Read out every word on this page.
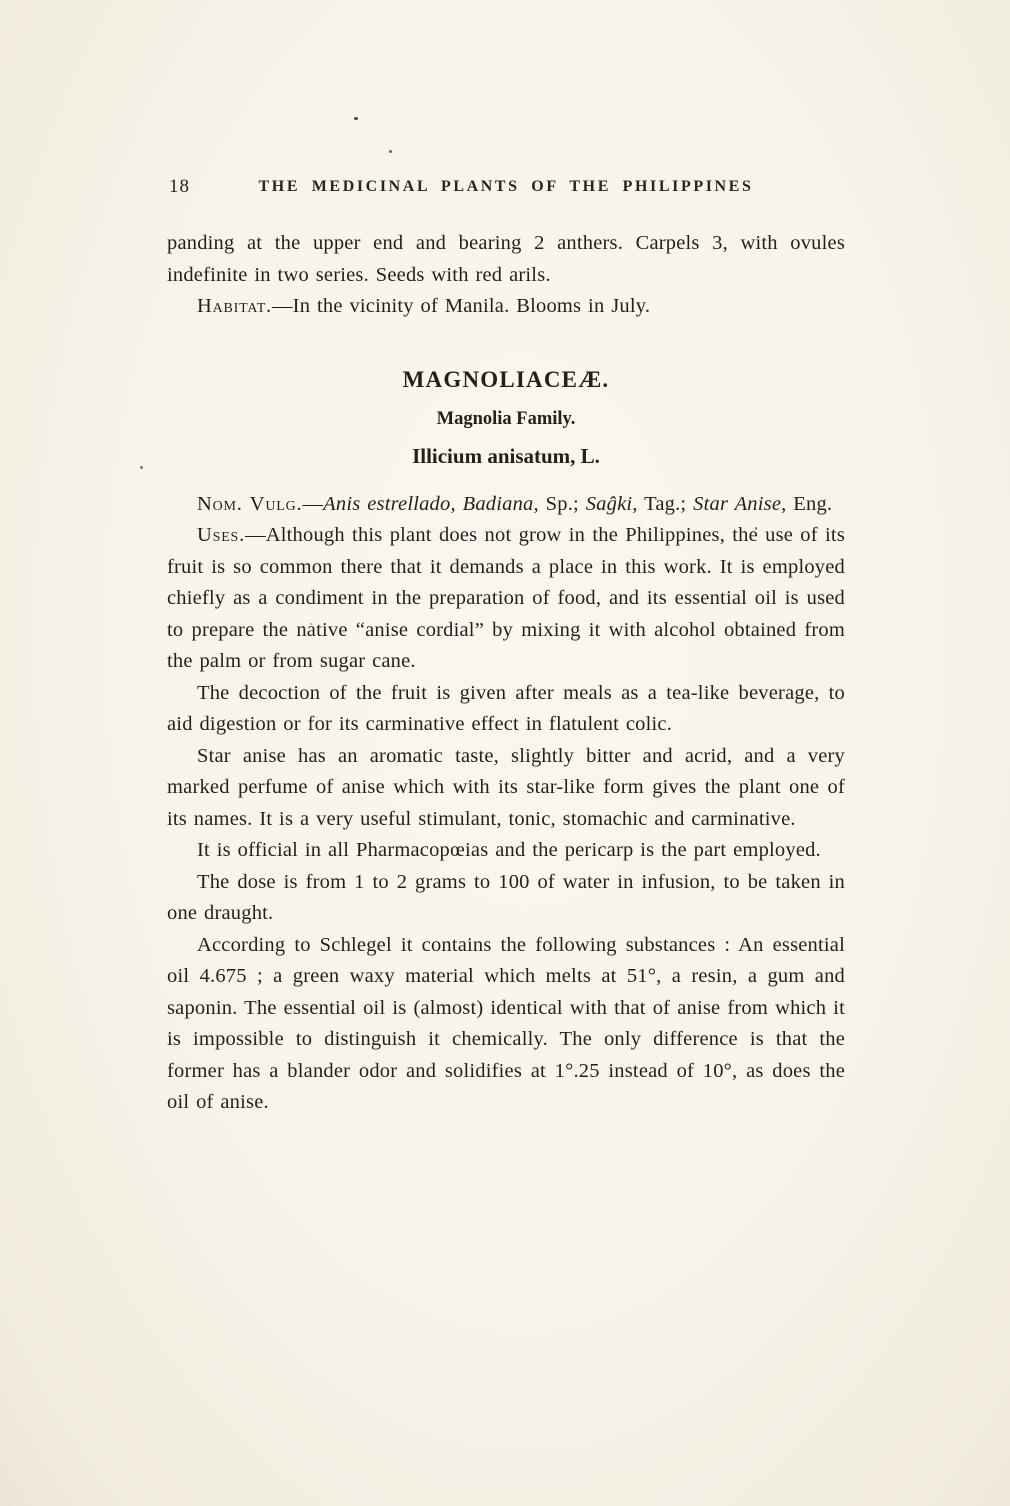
18	THE MEDICINAL PLANTS OF THE PHILIPPINES

panding at the upper end and bearing 2 anthers. Carpels 3, with ovules indefinite in two series. Seeds with red arils.

Habitat.—In the vicinity of Manila. Blooms in July.

MAGNOLIACEÆ.
Magnolia Family.
Illicium anisatum, L.

Nom. Vulg.—Anis estrellado, Badiana, Sp.; Saĝki, Tag.; Star Anise, Eng.

Uses.—Although this plant does not grow in the Philippines, the use of its fruit is so common there that it demands a place in this work. It is employed chiefly as a condiment in the preparation of food, and its essential oil is used to prepare the native “anise cordial” by mixing it with alcohol obtained from the palm or from sugar cane.

The decoction of the fruit is given after meals as a tea-like beverage, to aid digestion or for its carminative effect in flatulent colic.

Star anise has an aromatic taste, slightly bitter and acrid, and a very marked perfume of anise which with its star-like form gives the plant one of its names. It is a very useful stimulant, tonic, stomachic and carminative.

It is official in all Pharmacopœias and the pericarp is the part employed.

The dose is from 1 to 2 grams to 100 of water in infusion, to be taken in one draught.

According to Schlegel it contains the following substances : An essential oil 4.675 ; a green waxy material which melts at 51°, a resin, a gum and saponin. The essential oil is (almost) identical with that of anise from which it is impossible to distinguish it chemically. The only difference is that the former has a blander odor and solidifies at 1°.25 instead of 10°, as does the oil of anise.
